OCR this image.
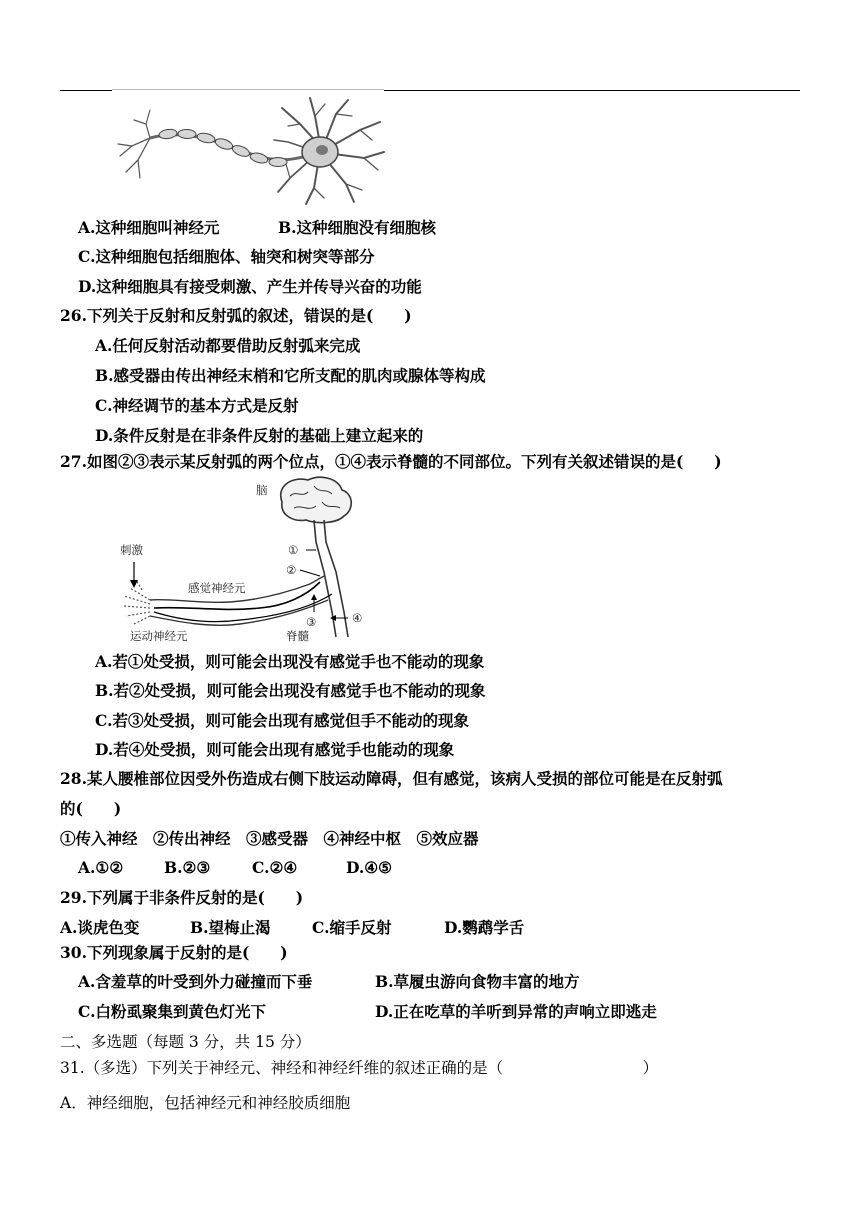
A.这种细胞叫神经元	B.这种细胞没有细胞核
C.这种细胞包括细胞体、轴突和树突等部分
D.这种细胞具有接受刺激、产生并传导兴奋的功能
26.下列关于反射和反射弧的叙述，错误的是(　　)
A.任何反射活动都要借助反射弧来完成
B.感受器由传出神经末梢和它所支配的肌肉或腺体等构成
C.神经调节的基本方式是反射
D.条件反射是在非条件反射的基础上建立起来的
27.如图②③表示某反射弧的两个位点，①④表示脊髓的不同部位。下列有关叙述错误的是(　　)
脑
刺激
感觉神经元
运动神经元	脊髓
①
②
③	④
A.若①处受损，则可能会出现没有感觉手也不能动的现象
B.若②处受损，则可能会出现没有感觉手也不能动的现象
C.若③处受损，则可能会出现有感觉但手不能动的现象
D.若④处受损，则可能会出现有感觉手也能动的现象
28.某人腰椎部位因受外伤造成右侧下肢运动障碍，但有感觉，该病人受损的部位可能是在反射弧
的(　　)
①传入神经　②传出神经　③感受器　④神经中枢　⑤效应器
A.①②	B.②③	C.②④	D.④⑤
29.下列属于非条件反射的是(　　)
A.谈虎色变	B.望梅止渴	C.缩手反射	D.鹦鹉学舌
30.下列现象属于反射的是(　　)
A.含羞草的叶受到外力碰撞而下垂	B.草履虫游向食物丰富的地方
C.白粉虱聚集到黄色灯光下	D.正在吃草的羊听到异常的声响立即逃走
二、多选题（每题 3 分，共 15 分）
31.（多选）下列关于神经元、神经和神经纤维的叙述正确的是（　　　　　　　　　）
A．神经细胞，包括神经元和神经胶质细胞
